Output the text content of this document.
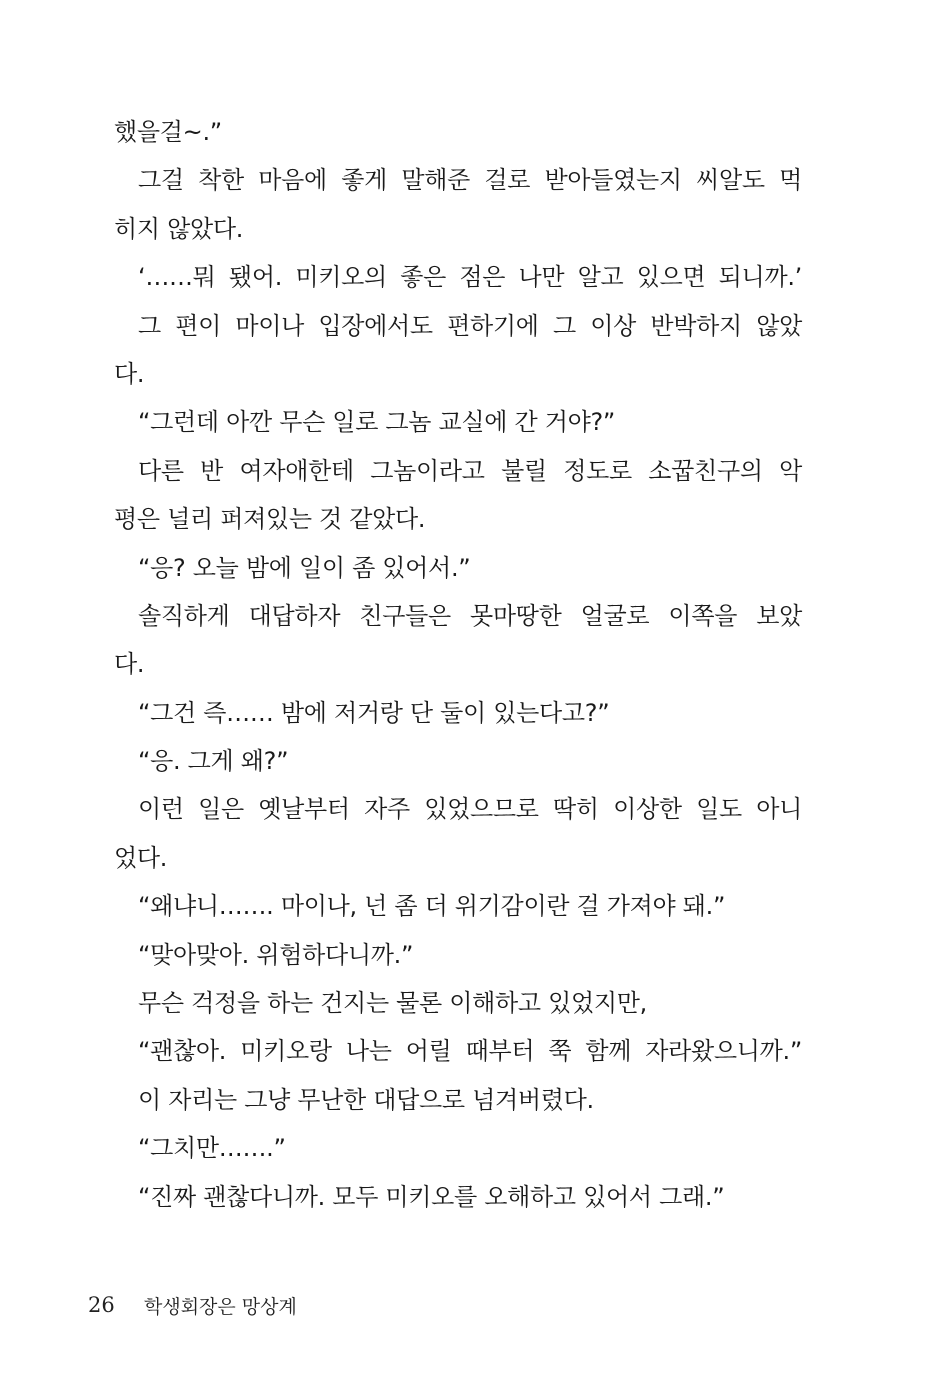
했을걸~.”
그걸 착한 마음에 좋게 말해준 걸로 받아들였는지 씨알도 먹
히지 않았다.
‘……뭐 됐어. 미키오의 좋은 점은 나만 알고 있으면 되니까.’
그 편이 마이나 입장에서도 편하기에 그 이상 반박하지 않았
다.
“그런데 아깐 무슨 일로 그놈 교실에 간 거야?”
다른 반 여자애한테 그놈이라고 불릴 정도로 소꿉친구의 악
평은 널리 퍼져있는 것 같았다.
“응? 오늘 밤에 일이 좀 있어서.”
솔직하게 대답하자 친구들은 못마땅한 얼굴로 이쪽을 보았
다.
“그건 즉…… 밤에 저거랑 단 둘이 있는다고?”
“응. 그게 왜?”
이런 일은 옛날부터 자주 있었으므로 딱히 이상한 일도 아니
었다.
“왜냐니……. 마이나, 넌 좀 더 위기감이란 걸 가져야 돼.”
“맞아맞아. 위험하다니까.”
무슨 걱정을 하는 건지는 물론 이해하고 있었지만,
“괜찮아. 미키오랑 나는 어릴 때부터 쭉 함께 자라왔으니까.”
이 자리는 그냥 무난한 대답으로 넘겨버렸다.
“그치만…….”
“진짜 괜찮다니까. 모두 미키오를 오해하고 있어서 그래.”
26	학생회장은 망상계
